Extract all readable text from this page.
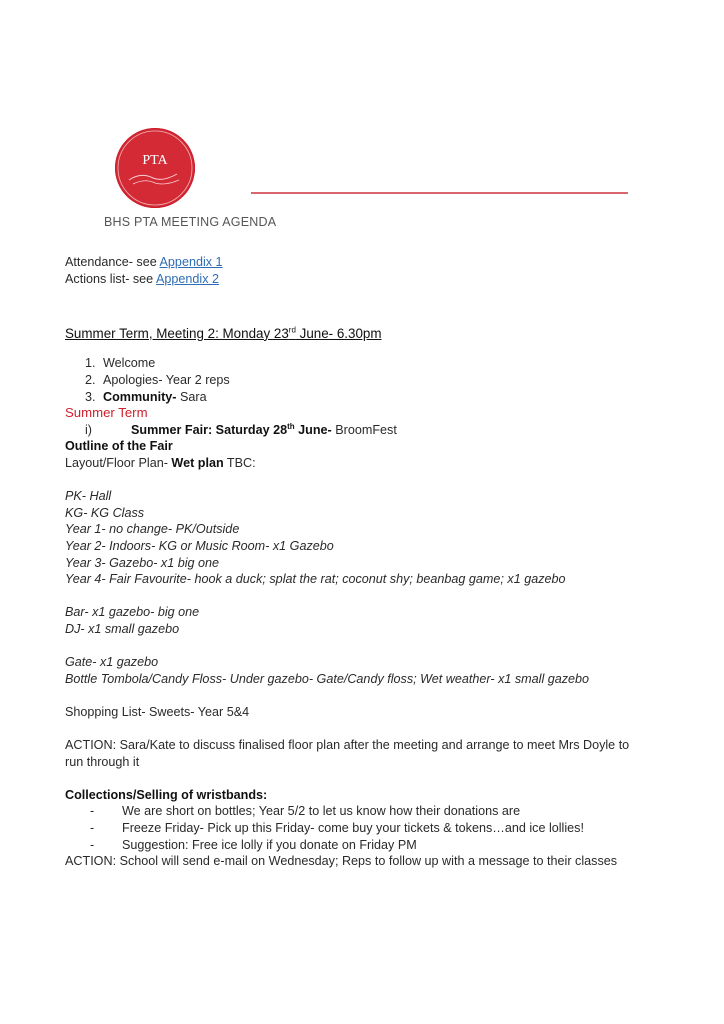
PTA
BHS PTA MEETING AGENDA

Attendance- see Appendix 1

Actions list- see Appendix 2

Summer Term, Meeting 2: Monday 23rd June- 6.30pm

1. Welcome
2. Apologies- Year 2 reps
3. Community- Sara

Summer Term

i)	Summer Fair: Saturday 28th June- BroomFest

Outline of the Fair

Layout/Floor Plan- Wet plan TBC:

PK- Hall

KG- KG Class

Year 1- no change- PK/Outside

Year 2- Indoors- KG or Music Room- x1 Gazebo

Year 3- Gazebo- x1 big one

Year 4- Fair Favourite- hook a duck; splat the rat; coconut shy; beanbag game; x1 gazebo

Bar- x1 gazebo- big one

DJ- x1 small gazebo

Gate- x1 gazebo

Bottle Tombola/Candy Floss- Under gazebo- Gate/Candy floss; Wet weather- x1 small gazebo

Shopping List- Sweets- Year 5&4

ACTION: Sara/Kate to discuss finalised floor plan after the meeting and arrange to meet Mrs Doyle to

run through it

Collections/Selling of wristbands:

- We are short on bottles; Year 5/2 to let us know how their donations are
- Freeze Friday- Pick up this Friday- come buy your tickets & tokens…and ice lollies!
- Suggestion: Free ice lolly if you donate on Friday PM

ACTION: School will send e-mail on Wednesday; Reps to follow up with a message to their classes
